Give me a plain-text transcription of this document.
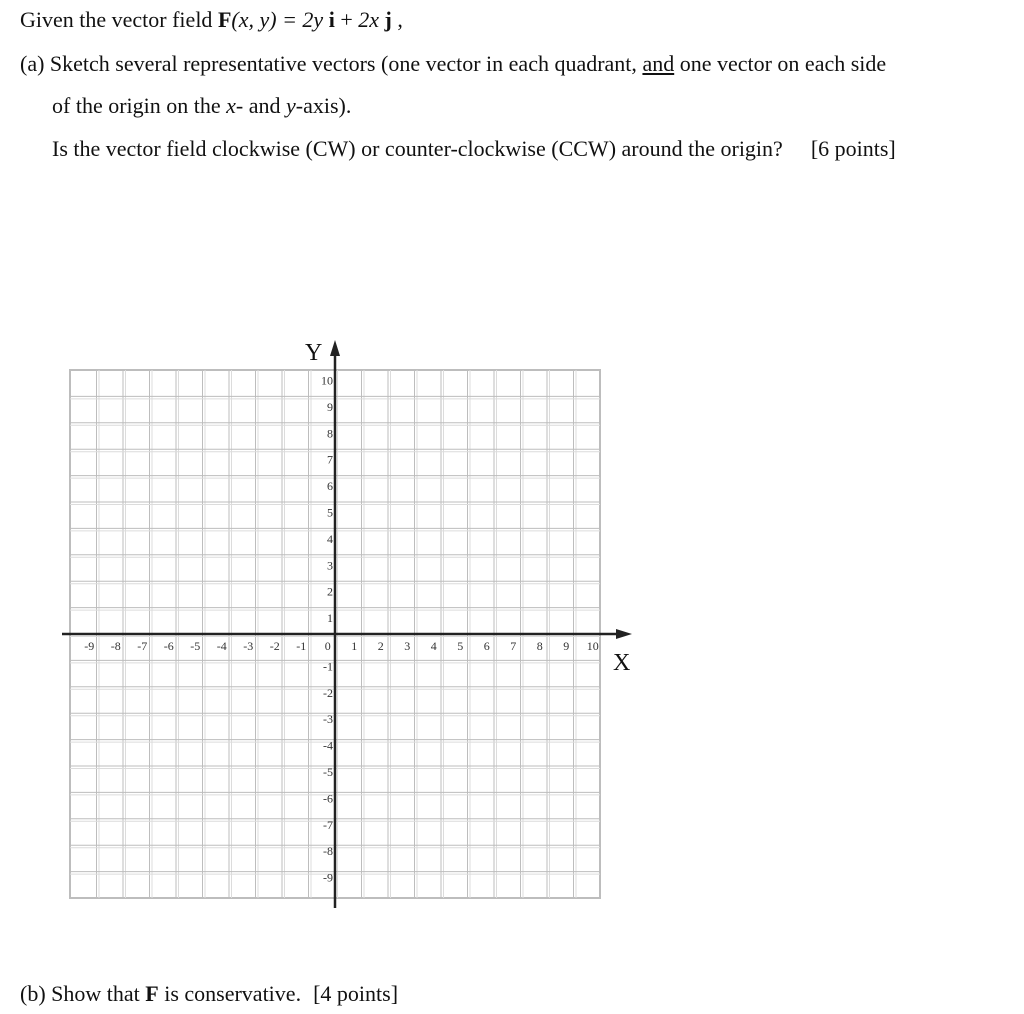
Given the vector field F(x, y) = 2y i + 2x j ,
(a) Sketch several representative vectors (one vector in each quadrant, and one vector on each side
of the origin on the x- and y-axis).
Is the vector field clockwise (CW) or counter-clockwise (CCW) around the origin? [6 points]
X
Y
-9 -8 -7 -6 -5 -4 -3 -2 -1 0 1 2 3 4 5 6 7 8 9 10
10
9
8
7
6
5
4
3
2
1
-1
-2
-3
-4
-5
-6
-7
-8
-9
(b) Show that F is conservative. [4 points]
